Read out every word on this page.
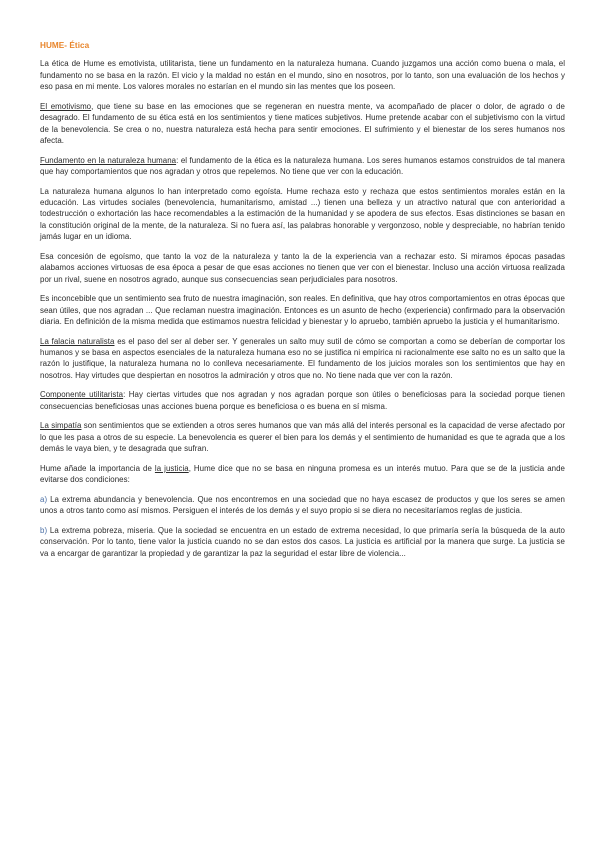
HUME- Ética

La ética de Hume es emotivista, utilitarista, tiene un fundamento en la naturaleza humana. Cuando juzgamos una acción como buena o mala, el fundamento no se basa en la razón. El vicio y la maldad no están en el mundo, sino en nosotros, por lo tanto, son una evaluación de los hechos y eso pasa en mi mente. Los valores morales no estarían en el mundo sin las mentes que los poseen.

El emotivismo, que tiene su base en las emociones que se regeneran en nuestra mente, va acompañado de placer o dolor, de agrado o de desagrado. El fundamento de su ética está en los sentimientos y tiene matices subjetivos. Hume pretende acabar con el subjetivismo con la virtud de la benevolencia. Se crea o no, nuestra naturaleza está hecha para sentir emociones. El sufrimiento y el bienestar de los seres humanos nos afecta.

Fundamento en la naturaleza humana: el fundamento de la ética es la naturaleza humana. Los seres humanos estamos construidos de tal manera que hay comportamientos que nos agradan y otros que repelemos. No tiene que ver con la educación.

La naturaleza humana algunos lo han interpretado como egoísta. Hume rechaza esto y rechaza que estos sentimientos morales están en la educación. Las virtudes sociales (benevolencia, humanitarismo, amistad ...) tienen una belleza y un atractivo natural que con anterioridad a todestrucción o exhortación las hace recomendables a la estimación de la humanidad y se apodera de sus efectos. Esas distinciones se basan en la constitución original de la mente, de la naturaleza. Si no fuera así, las palabras honorable y vergonzoso, noble y despreciable, no habrían tenido jamás lugar en un idioma.

Esa concesión de egoísmo, que tanto la voz de la naturaleza y tanto la de la experiencia van a rechazar esto. Si miramos épocas pasadas alabamos acciones virtuosas de esa época a pesar de que esas acciones no tienen que ver con el bienestar. Incluso una acción virtuosa realizada por un rival, suene en nosotros agrado, aunque sus consecuencias sean perjudiciales para nosotros.

Es inconcebible que un sentimiento sea fruto de nuestra imaginación, son reales. En definitiva, que hay otros comportamientos en otras épocas que sean útiles, que nos agradan ... Que reclaman nuestra imaginación. Entonces es un asunto de hecho (experiencia) confirmado para la observación diaria. En definición de la misma medida que estimamos nuestra felicidad y bienestar y lo apruebo, también apruebo la justicia y el humanitarismo.

La falacia naturalista es el paso del ser al deber ser. Y generales un salto muy sutil de cómo se comportan a como se deberían de comportar los humanos y se basa en aspectos esenciales de la naturaleza humana eso no se justifica ni empírica ni racionalmente ese salto no es un salto que la razón lo justifique, la naturaleza humana no lo conlleva necesariamente. El fundamento de los juicios morales son los sentimientos que hay en nosotros. Hay virtudes que despiertan en nosotros la admiración y otros que no. No tiene nada que ver con la razón.

Componente utilitarista: Hay ciertas virtudes que nos agradan y nos agradan porque son útiles o beneficiosas para la sociedad porque tienen consecuencias beneficiosas unas acciones buena porque es beneficiosa o es buena en sí misma.

La simpatía son sentimientos que se extienden a otros seres humanos que van más allá del interés personal es la capacidad de verse afectado por lo que les pasa a otros de su especie. La benevolencia es querer el bien para los demás y el sentimiento de humanidad es que te agrada que a los demás le vaya bien, y te desagrada que sufran.

Hume añade la importancia de la justicia, Hume dice que no se basa en ninguna promesa es un interés mutuo. Para que se de la justicia ande evitarse dos condiciones:

a) La extrema abundancia y benevolencia. Que nos encontremos en una sociedad que no haya escasez de productos y que los seres se amen unos a otros tanto como así mismos. Persiguen el interés de los demás y el suyo propio si se diera no necesitaríamos reglas de justicia.

b) La extrema pobreza, miseria. Que la sociedad se encuentra en un estado de extrema necesidad, lo que primaría sería la búsqueda de la auto conservación. Por lo tanto, tiene valor la justicia cuando no se dan estos dos casos. La justicia es artificial por la manera que surge. La justicia se va a encargar de garantizar la propiedad y de garantizar la paz la seguridad el estar libre de violencia...
